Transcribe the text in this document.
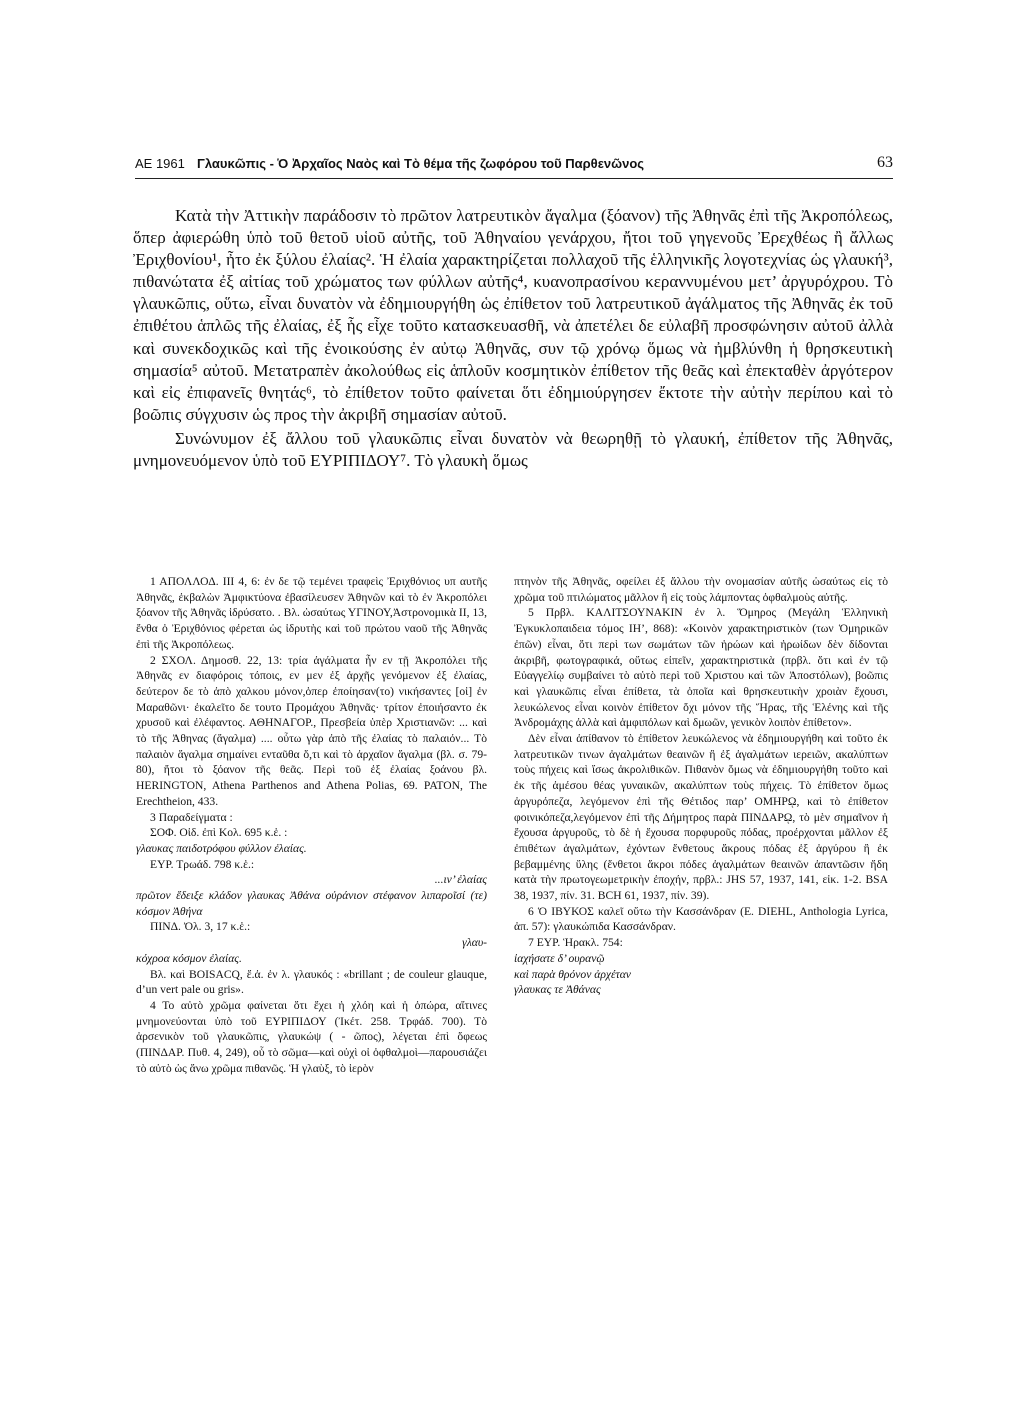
ΑΕ 1961 Γλαυκῶπις - Ὁ Ἀρχαῖος Ναὸς καὶ Τὸ θέμα τῆς ζωφόρου τοῦ Παρθενῶνος	63

Κατὰ τὴν Ἀττικὴν παράδοσιν τὸ πρῶτον λατρευτικὸν ἄγαλμα (ξόανον) τῆς Ἀθηνᾶς ἐπὶ τῆς Ἀκροπόλεως, ὅπερ ἀφιερώθη ὑπὸ τοῦ θετοῦ υἱοῦ αὐτῆς, τοῦ Ἀθηναίου γενάρχου, ἤτοι τοῦ γηγενοῦς Ἐρεχθέως ἢ ἄλλως Ἐριχθονίου¹, ἦτο ἐκ ξύλου ἐλαίας². Ἡ ἐλαία χαρακτηρίζεται πολλαχοῦ τῆς ἑλληνικῆς λογοτεχνίας ὡς γλαυκή³, πιθανώτατα ἐξ αἰτίας τοῦ χρώματος των φύλλων αὐτῆς⁴, κυανοπρασίνου κεραννυμένου μετ’ ἀργυρόχρου. Τὸ γλαυκῶπις, οὕτω, εἶναι δυνατὸν νὰ ἐδημιουργήθη ὡς ἐπίθετον τοῦ λατρευτικοῦ ἀγάλματος τῆς Ἀθηνᾶς ἐκ τοῦ ἐπιθέτου ἁπλῶς τῆς ἐλαίας, ἐξ ἧς εἶχε τοῦτο κατασκευασθῆ, νὰ ἀπετέλει δε εὐλαβῆ προσφώνησιν αὐτοῦ ἀλλὰ καὶ συνεκδοχικῶς καὶ τῆς ἐνοικούσης ἐν αὐτῳ Ἀθηνᾶς, συν τῷ χρόνῳ ὅμως νὰ ἠμβλύνθη ἡ θρησκευτικὴ σημασία⁵ αὐτοῦ. Μετατραπὲν ἀκολούθως εἰς ἁπλοῦν κοσμητικὸν ἐπίθετον τῆς θεᾶς καὶ ἐπεκταθὲν ἀργότερον καὶ εἰς ἐπιφανεῖς θνητάς⁶, τὸ ἐπίθετον τοῦτο φαίνεται ὅτι ἐδημιούργησεν ἔκτοτε τὴν αὐτὴν περίπου καὶ τὸ βοῶπις σύγχυσιν ὡς προς τὴν ἀκριβῆ σημασίαν αὐτοῦ.

Συνώνυμον ἐξ ἄλλου τοῦ γλαυκῶπις εἶναι δυνατὸν νὰ θεωρηθῇ τὸ γλαυκή, ἐπίθετον τῆς Ἀθηνᾶς, μνημονευόμενον ὑπὸ τοῦ ΕΥΡΙΠΙΔΟΥ⁷. Τὸ γλαυκὴ ὅμως

1 ΑΠΟΛΛΟΔ. III 4, 6: ἐν δε τῷ τεμένει τραφεὶς Ἐριχθόνιος υπ αυτῆς Ἀθηνᾶς, ἐκβαλὼν Ἀμφικτύονα ἐβασίλευσεν Ἀθηνῶν καὶ τὸ ἐν Ἀκροπόλει ξόανον τῆς Ἀθηνᾶς ἱδρύσατο. . Βλ. ὡσαύτως ΥΓΙΝΟΥ,Ἀστρονομικὰ II, 13, ἔνθα ὁ Ἐριχθόνιος φέρεται ὡς ἱδρυτὴς καὶ τοῦ πρώτου ναοῦ τῆς Ἀθηνᾶς ἐπὶ τῆς Ἀκροπόλεως.

2 ΣΧΟΛ. Δημοσθ. 22, 13: τρία ἀγάλματα ἦν εν τῇ Ἀκροπόλει τῆς Ἀθηνᾶς εν διαφόροις τόποις, εν μεν ἐξ ἀρχῆς γενόμενον ἐξ ἐλαίας, δεύτερον δε τὸ ἀπὸ χαλκου μόνον,ὁπερ ἐποίησαν(το) νικήσαντες [οἱ] ἐν Μαραθῶνι· ἐκαλεῖτο δε τουτο Προμάχου Ἀθηνᾶς· τρίτον ἐποιήσαντο ἐκ χρυσοῦ καὶ ἐλέφαντος. ΑΘΗΝΑΓΟΡ., Πρεσβεία ὑπὲρ Χριστιανῶν: ... καὶ τὸ τῆς Ἀθηνας (ἄγαλμα) .... οὗτω γὰρ ἀπὸ τῆς ἐλαίας τὸ παλαιόν... Τὸ παλαιὸν ἄγαλμα σημαίνει ενταῦθα ὅ,τι καὶ τὸ ἀρχαῖον ἄγαλμα (βλ. σ. 79-80), ἤτοι τὸ ξόανον τῆς θεᾶς. Περὶ τοῦ ἐξ ἐλαίας ξοάνου βλ. HERINGTON, Athena Parthenos and Athena Polias, 69. PATON, The Erechtheion, 433.

3 Παραδείγματα :

ΣΟΦ. Οἰδ. ἐπὶ Κολ. 695 κ.ἑ. :

γλαυκας παιδοτρόφου φύλλον ἐλαίας.

ΕΥΡ. Τρωάδ. 798 κ.ἑ.:

...ιν’ ἐλαίας

πρῶτον ἔδειξε κλάδον γλαυκας Ἀθάνα οὐράνιον στέφανον λιπαροῖσί (τε) κόσμον Ἀθήνα

ΠΙΝΔ. Ὀλ. 3, 17 κ.ἑ.:

γλαυ-

κόχροα κόσμον ἐλαίας.

Βλ. καὶ BOISACQ, ἔ.ἀ. ἐν λ. γλαυκός : «brillant ; de couleur glauque, d’un vert pale ou gris».

4 Το αὐτὸ χρῶμα φαίνεται ὅτι ἔχει ἡ χλόη καὶ ἡ ὀπώρα, αἵτινες μνημονεύονται ὑπὸ τοῦ ΕΥΡΙΠΙΔΟΥ (Ἰκέτ. 258. Τρφάδ. 700). Τὸ ἀρσενικὸν τοῦ γλαυκῶπις, γλαυκώψ ( - ῶπος), λέγεται ἐπὶ ὄφεως (ΠΙΝΔΑΡ. Πυθ. 4, 249), οὗ τὸ σῶμα—καὶ οὐχὶ οἱ ὀφθαλμοὶ—παρουσιάζει τὸ αὐτὸ ὡς ἄνω χρῶμα πιθανῶς. Ἡ γλαὺξ, τὸ ἱερὸν

πτηνὸν τῆς Ἀθηνᾶς, οφείλει ἐξ ἄλλου τὴν ονομασίαν αὐτῆς ὡσαύτως εἰς τὸ χρῶμα τοῦ πτιλώματος μᾶλλον ἢ εἰς τοὺς λάμποντας ὀφθαλμοὺς αὐτῆς.

5 Πρβλ. ΚΑΛΙΤΣΟΥΝΑΚΙΝ ἐν λ. Ὅμηρος (Μεγάλη Ἑλληνικὴ Ἐγκυκλοπαιδεια τόμος ΙΗ’, 868): «Κοινὸν χαρακτηριστικὸν (των Ὁμηρικῶν ἐπῶν) εἶναι, ὅτι περὶ των σωμάτων τῶν ἡρώων καὶ ἡρωίδων δὲν δίδονται ἀκριβῆ, φωτογραφικά, οὕτως εἰπεῖν, χαρακτηριστικὰ (πρβλ. ὅτι καὶ ἐν τῷ Εὐαγγελίῳ συμβαίνει τὸ αὐτὸ περὶ τοῦ Χριστου καὶ τῶν Ἀποστόλων), βοῶπις καὶ γλαυκῶπις εἶναι ἐπίθετα, τὰ ὁποῖα καὶ θρησκευτικὴν χροιὰν ἔχουσι, λευκώλενος εἶναι κοινὸν ἐπίθετον ὄχι μόνον τῆς Ἥρας, τῆς Ἑλένης καὶ τῆς Ἀνδρομάχης ἀλλὰ καὶ ἀμφιπόλων καὶ δμωῶν, γενικὸν λοιπὸν ἐπίθετον».

Δὲν εἶναι ἀπίθανον τὸ ἐπίθετον λευκώλενος νὰ ἐδημιουργήθη καὶ τοῦτο ἐκ λατρευτικῶν τινων ἀγαλμάτων θεαινῶν ἢ ἐξ ἀγαλμάτων ιερειῶν, ακαλύπτων τοὺς πήχεις καὶ ἴσως ἀκρολιθικῶν. Πιθανὸν ὅμως νὰ ἐδημιουργήθη τοῦτο καὶ ἐκ τῆς ἀμέσου θέας γυναικῶν, ακαλύπτων τοὺς πήχεις. Τὸ ἐπίθετον ὅμως ἀργυρόπεζα, λεγόμενον ἐπὶ τῆς Θέτιδος παρ’ ΟΜΗΡῼ, καὶ τὸ ἐπίθετον φοινικόπεζα,λεγόμενον ἐπὶ τῆς Δήμητρος παρὰ ΠΙΝΔΑΡῼ, τὸ μὲν σημαῖνον ἡ ἔχουσα ἀργυροῦς, τὸ δὲ ἡ ἔχουσα πορφυροῦς πόδας, προέρχονται μᾶλλον ἐξ ἐπιθέτων ἀγαλμάτων, ἐχόντων ἔνθετους ἄκρους πόδας ἐξ ἀργύρου ἢ ἐκ βεβαμμένης ὕλης (ἔνθετοι ἄκροι πόδες ἀγαλμάτων θεαινῶν ἀπαντῶσιν ἤδη κατὰ τὴν πρωτογεωμετρικὴν ἐποχήν, πρβλ.: JHS 57, 1937, 141, εἰκ. 1-2. BSA 38, 1937, πίν. 31. BCH 61, 1937, πίν. 39).

6 Ὁ ΙΒΥΚΟΣ καλεῖ οὕτω τὴν Κασσάνδραν (E. DIEHL, Anthologia Lyrica, ἀπ. 57): γλαυκώπιδα Κασσάνδραν.

7 ΕΥΡ. Ἡρακλ. 754:

ἰαχήσατε δ’ ουρανῷ

καὶ παρὰ θρόνον ἀρχέταν

γλαυκας τε Ἀθάνας
